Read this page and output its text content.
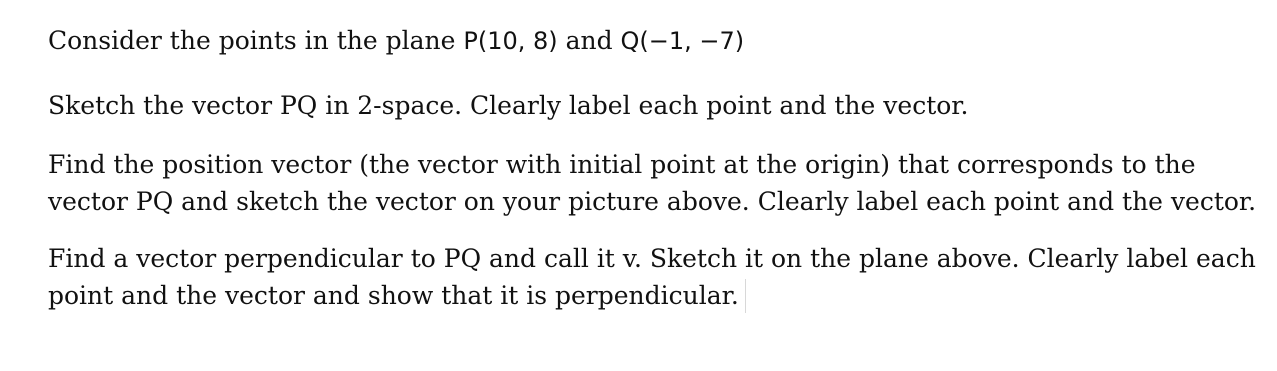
Consider the points in the plane P(10, 8) and Q(−1, −7)

Sketch the vector PQ in 2-space. Clearly label each point and the vector.

Find the position vector (the vector with initial point at the origin) that corresponds to the vector PQ and sketch the vector on your picture above. Clearly label each point and the vector.

Find a vector perpendicular to PQ and call it v. Sketch it on the plane above. Clearly label each point and the vector and show that it is perpendicular.
